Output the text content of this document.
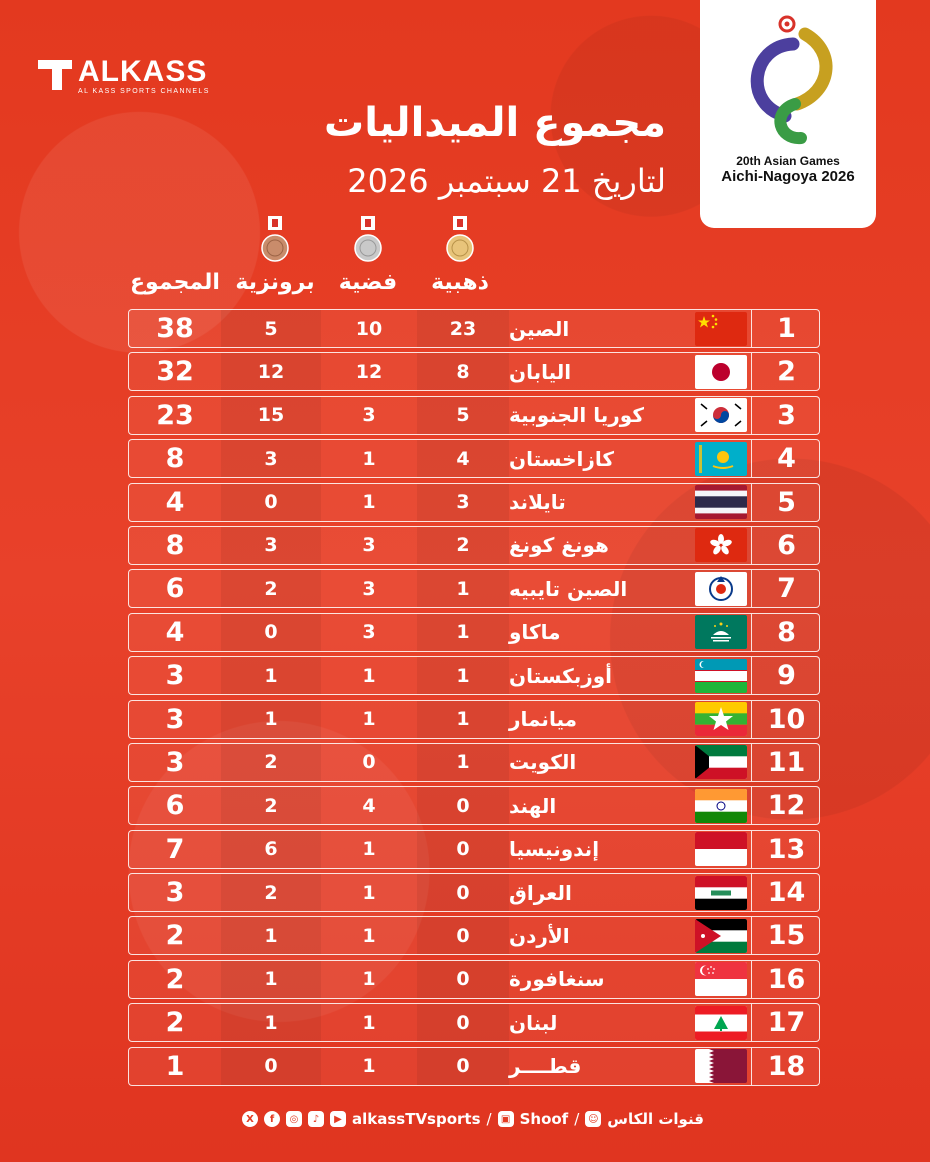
ALKASS
AL KASS SPORTS CHANNELS
20th Asian Games
Aichi-Nagoya 2026
مجموع الميداليات
لتاريخ 21 سبتمبر 2026
ذهبية
فضية
برونزية
المجموع
38	5	10	23	الصين	1
32	12	12	8	اليابان	2
23	15	3	5	كوريا الجنوبية	3
8	3	1	4	كازاخستان	4
4	0	1	3	تايلاند	5
8	3	3	2	هونغ كونغ	6
6	2	3	1	الصين تايبيه	7
4	0	3	1	ماكاو	8
3	1	1	1	أوزبكستان	9
3	1	1	1	ميانمار	10
3	2	0	1	الكويت	11
6	2	4	0	الهند	12
7	6	1	0	إندونيسيا	13
3	2	1	0	العراق	14
2	1	1	0	الأردن	15
2	1	1	0	سنغافورة	16
2	1	1	0	لبنان	17
1	0	1	0	قطــــر	18
X	f	◎	♪	▶ alkassTVsports / ▣ Shoof / ☺ قنوات الكاس
